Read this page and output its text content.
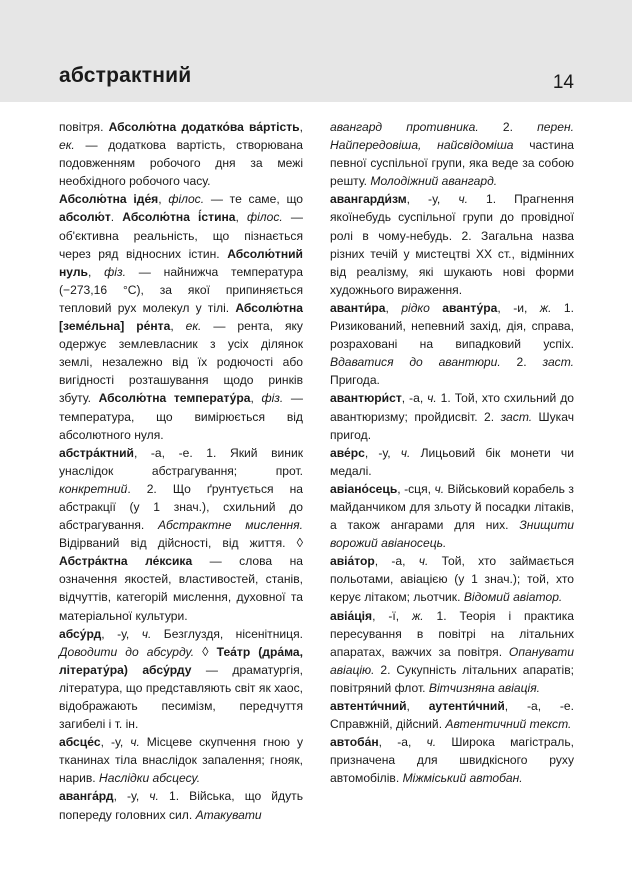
абстрактний	14

повітря. Абсолю́тна додатко́ва ва́ртість, ек. — додаткова вартість, створювана подовженням робочого дня за межі необхідного робочого часу.

Абсолю́тна іде́я, філос. — те саме, що абсолю́т. Абсолю́тна і́стина, філос. — об'єктивна реальність, що пізнається через ряд відносних істин. Абсолю́тний нуль, фіз. — найнижча температура (−273,16 °С), за якої припиняється тепловий рух молекул у тілі. Абсолю́тна [земе́льна] ре́нта, ек. — рента, яку одержує землевласник з усіх ділянок землі, незалежно від їх родючості або вигідності розташування щодо ринків збуту. Абсолю́тна температу́ра, фіз. — температура, що вимірюється від абсолютного нуля.

абстра́ктний, -а, -е. 1. Який виник унаслідок абстрагування; прот. конкретний. 2. Що ґрунтується на абстракції (у 1 знач.), схильний до абстрагування. Абстрактне мислення. Відірваний від дійсності, від життя. ◊ Абстра́ктна ле́ксика — слова на означення якостей, властивостей, станів, відчуттів, категорій мислення, духовної та матеріальної культури.

абсу́рд, -у, ч. Безглуздя, нісенітниця. Доводити до абсурду. ◊ Теа́тр (дра́ма, літерату́ра) абсу́рду — драматургія, література, що представляють світ як хаос, відображають песимізм, передчуття загибелі і т. ін.

абсце́с, -у, ч. Місцеве скупчення гною у тканинах тіла внаслідок запалення; гнояк, нарив. Наслідки абсцесу.

аванга́рд, -у, ч. 1. Війська, що йдуть попереду головних сил. Атакувати

авангард противника. 2. перен. Найпередовіша, найсвідоміша частина певної суспільної групи, яка веде за собою решту. Молодіжний авангард.

авангарди́зм, -у, ч. 1. Прагнення якоїнебудь суспільної групи до провідної ролі в чому-небудь. 2. Загальна назва різних течій у мистецтві XX ст., відмінних від реалізму, які шукають нові форми художнього вираження.

аванти́ра, рідко аванту́ра, -и, ж. 1. Ризикований, непевний захід, дія, справа, розраховані на випадковий успіх. Вдаватися до авантюри. 2. заст. Пригода.

авантюри́ст, -а, ч. 1. Той, хто схильний до авантюризму; пройдисвіт. 2. заст. Шукач пригод.

аве́рс, -у, ч. Лицьовий бік монети чи медалі.

авіано́сець, -сця, ч. Військовий корабель з майданчиком для зльоту й посадки літаків, а також ангарами для них. Знищити ворожий авіаносець.

авіа́тор, -а, ч. Той, хто займається польотами, авіацією (у 1 знач.); той, хто керує літаком; льотчик. Відомий авіатор.

авіа́ція, -ї, ж. 1. Теорія і практика пересування в повітрі на літальних апаратах, важчих за повітря. Опанувати авіацію. 2. Сукупність літальних апаратів; повітряний флот. Вітчизняна авіація.

автенти́чний, аутенти́чний, -а, -е. Справжній, дійсний. Автентичний текст.

автоба́н, -а, ч. Широка магістраль, призначена для швидкісного руху автомобілів. Міжміський автобан.
